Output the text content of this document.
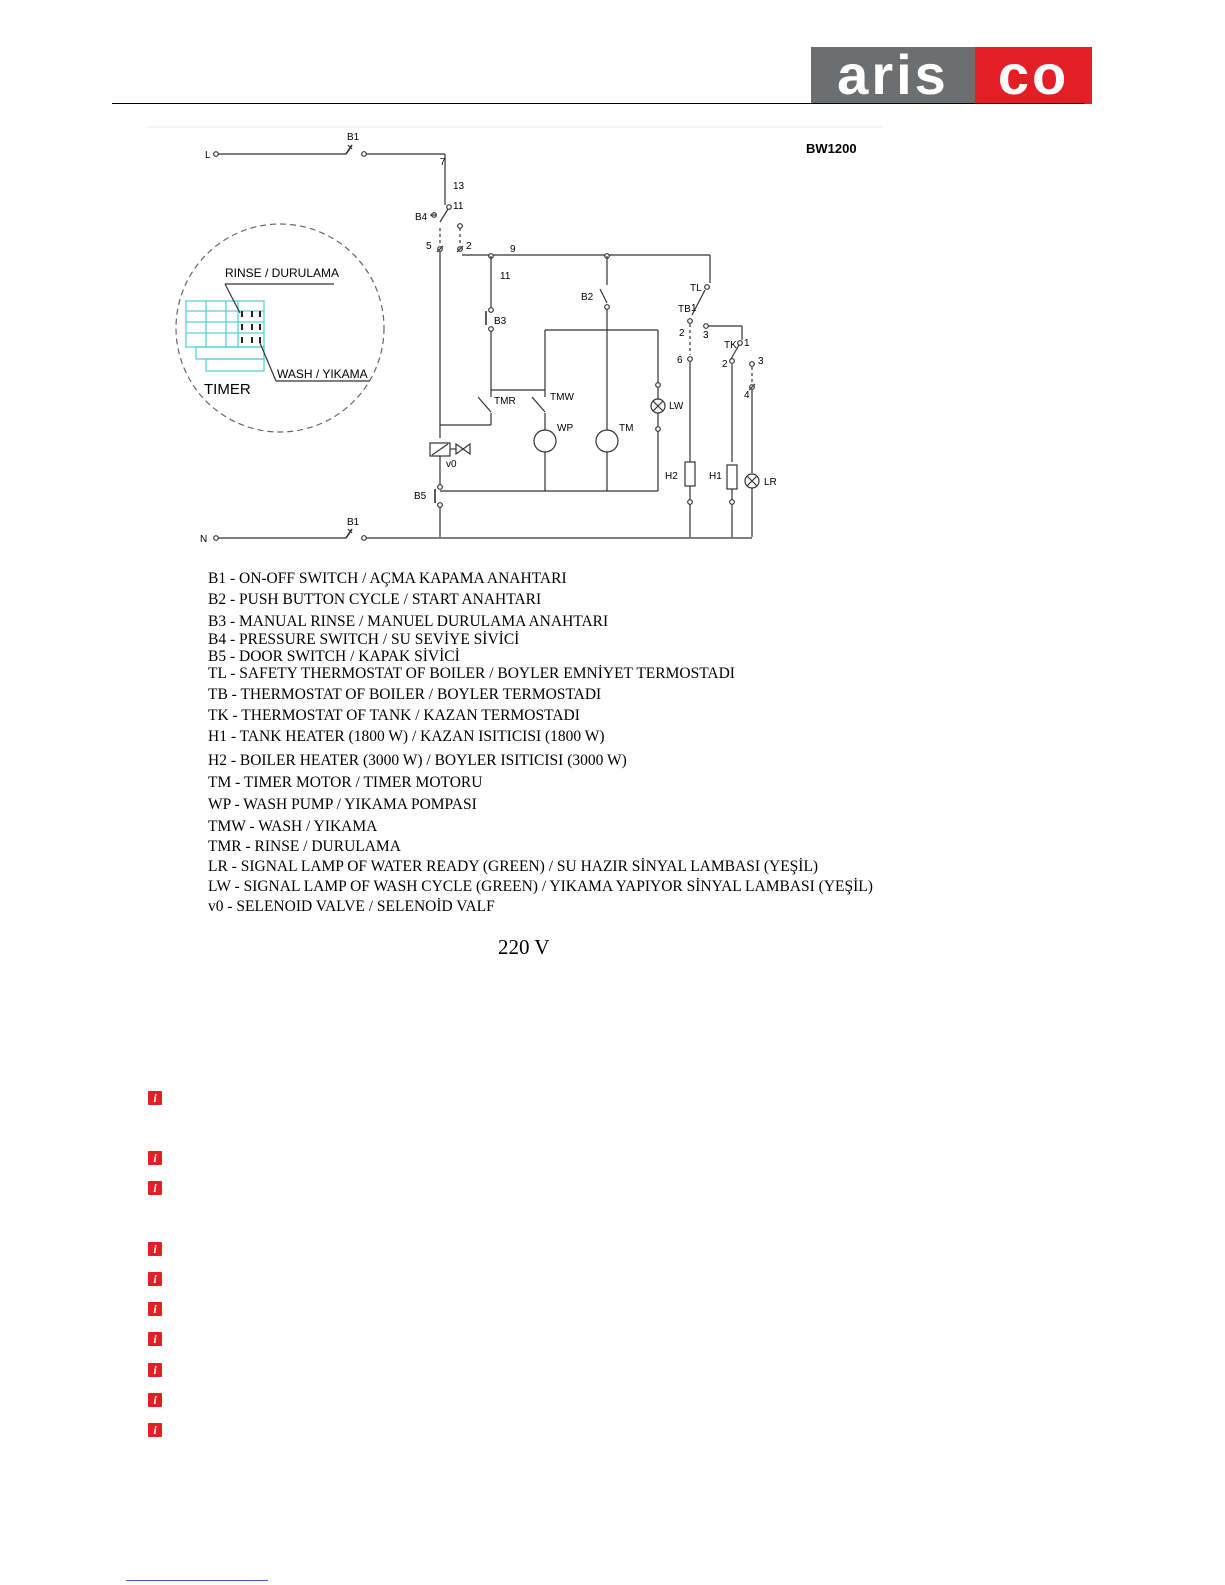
aris co
RINSE / DURULAMA
WASH / YIKAMA
TIMER
BW1200
L
N
B1
B1
B2
B3
B4
B5
TL
TB
TK
TMR	TMW
WP	TM
LW
LR
H1
H2
v0
7
13
11
5	2	9
11
1
2 3
6
1
2	3
4
B1 - ON-OFF SWITCH / AÇMA KAPAMA ANAHTARI
B2 - PUSH BUTTON CYCLE / START ANAHTARI
B3 - MANUAL RINSE / MANUEL DURULAMA ANAHTARI
B4 - PRESSURE SWITCH / SU SEVİYE SİVİCİ
B5 - DOOR SWITCH / KAPAK SİVİCİ
TL - SAFETY THERMOSTAT OF BOILER / BOYLER EMNİYET TERMOSTADI
TB - THERMOSTAT OF BOILER / BOYLER TERMOSTADI
TK - THERMOSTAT OF TANK / KAZAN TERMOSTADI
H1 - TANK HEATER (1800 W) / KAZAN ISITICISI (1800 W)
H2 - BOILER HEATER (3000 W) / BOYLER ISITICISI (3000 W)
TM - TIMER MOTOR / TIMER MOTORU
WP - WASH PUMP / YIKAMA POMPASI
TMW - WASH / YIKAMA
TMR - RINSE / DURULAMA
LR - SIGNAL LAMP OF WATER READY (GREEN) / SU HAZIR SİNYAL LAMBASI (YEŞİL)
LW - SIGNAL LAMP OF WASH CYCLE (GREEN) / YIKAMA YAPIYOR SİNYAL LAMBASI (YEŞİL)
v0 - SELENOID VALVE / SELENOİD VALF
220 V
i
i
i
i
i
i
i
i
i
i
